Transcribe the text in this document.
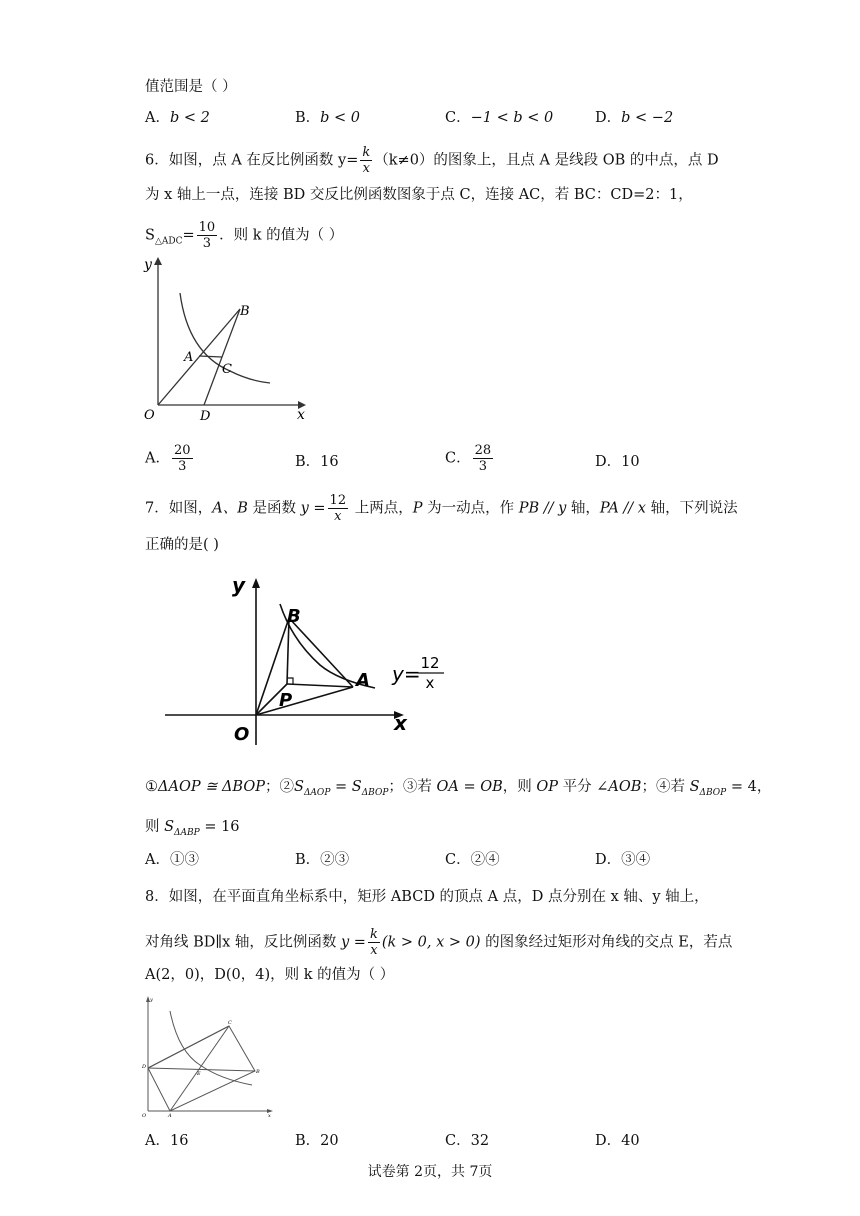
值范围是（ ）
A．b < 2	B．b < 0	C．−1 < b < 0	D．b < −2
6．如图，点 A 在反比例函数 $y= \frac{k}{x} (k\ne 0)$的图象上，且点 A 是线段 OB 的中点，点 D
为 x 轴上一点，连接 BD 交反比例函数图象于点 C，连接 AC，若 BC：CD=2：1，
$S_{\triangle ADC}= \frac{10}{3}$ ．则 k 的值为（ ）
y
x
O
A
B
C
D
A． $\frac{20}{3}$	B．16	C． $\frac{28}{3}$	D．10
7．如图，A、B 是函数 $y = \frac{12}{x}$ 上两点，P 为一动点，作 PB // y 轴，PA // x 轴，下列说法
正确的是( )
y
x
O
B
A
P
y= 12
x
①ΔAOP ≅ ΔBOP；$②S_{\Delta AOP} = S_{\Delta BOP}$；③若 OA = OB，则 OP 平分 ∠AOB；④若 $S_{\Delta BOP} = 4$，
则 $S_{\Delta ABP} = 16$
A．①③	B．②③	C．②④	D．③④
8．如图，在平面直角坐标系中，矩形 ABCD 的顶点 A 点，D 点分别在 x 轴、y 轴上，
对角线 BD∥x 轴，反比例函数 $y = \frac{k}{x} (k > 0$, x > 0) 的图象经过矩形对角线的交点 E，若点
A(2，0)，D(0，4)，则 k 的值为（ ）
y
x
O	A
B
C
D
E
A．16	B．20	C．32	D．40
试卷第 2页，共 7页
